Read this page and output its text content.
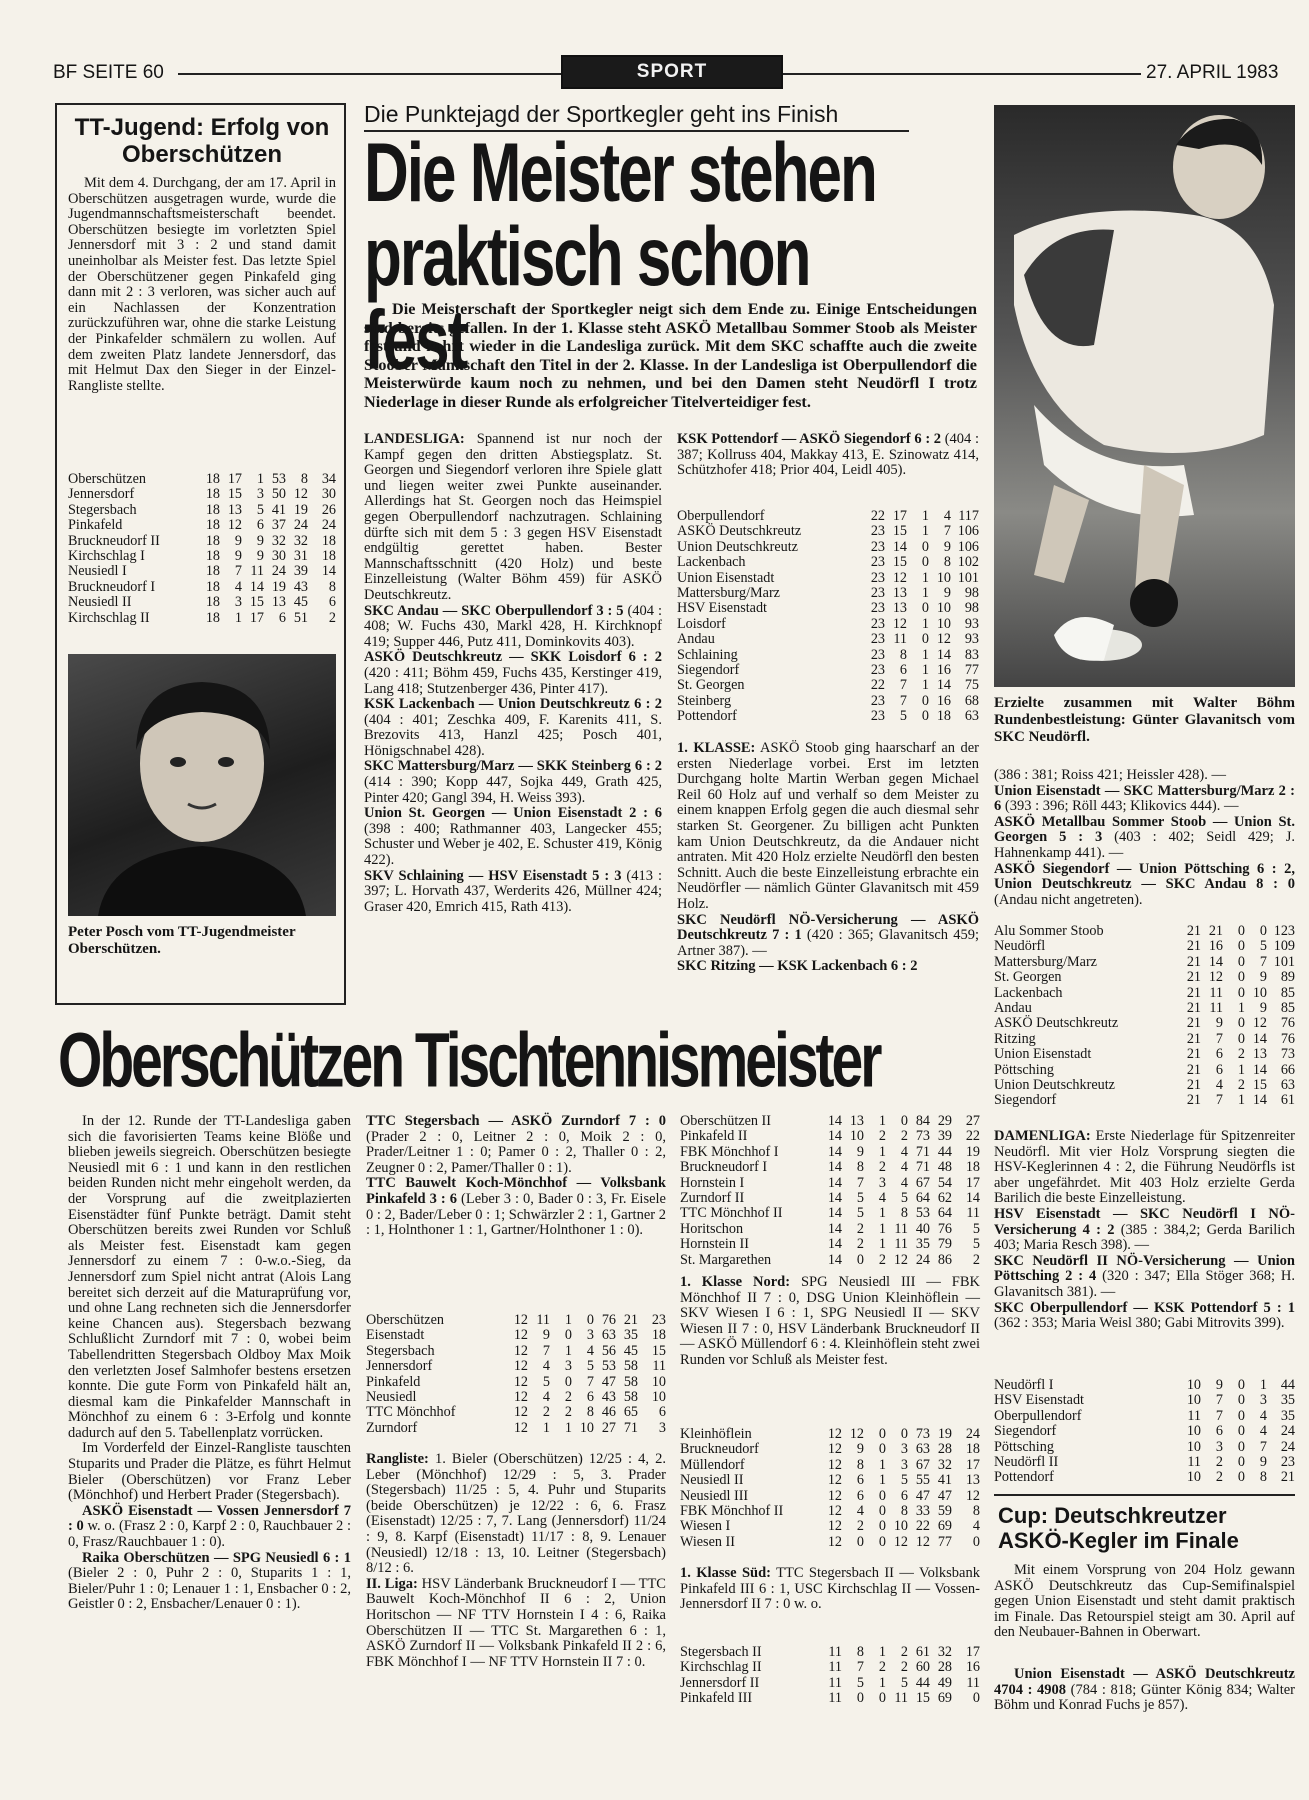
BF SEITE 60	SPORT	27. APRIL 1983
TT-Jugend: Erfolg von Oberschützen
Mit dem 4. Durchgang, der am 17. April in Oberschützen ausgetragen wurde, wurde die Jugendmannschaftsmeisterschaft beendet. Oberschützen besiegte im vorletzten Spiel Jennersdorf mit 3 : 2 und stand damit uneinholbar als Meister fest. Das letzte Spiel der Oberschützener gegen Pinkafeld ging dann mit 2 : 3 verloren, was sicher auch auf ein Nachlassen der Konzentration zurückzuführen war, ohne die starke Leistung der Pinkafelder schmälern zu wollen. Auf dem zweiten Platz landete Jennersdorf, das mit Helmut Dax den Sieger in der Einzel-Rangliste stellte.
Oberschützen	18	17	1	53	8	34
Jennersdorf	18	15	3	50	12	30
Stegersbach	18	13	5	41	19	26
Pinkafeld	18	12	6	37	24	24
Bruckneudorf II	18	9	9	32	32	18
Kirchschlag I	18	9	9	30	31	18
Neusiedl I	18	7	11	24	39	14
Bruckneudorf I	18	4	14	19	43	8
Neusiedl II	18	3	15	13	45	6
Kirchschlag II	18	1	17	6	51	2
Peter Posch vom TT-Jugendmeister Oberschützen.
Die Punktejagd der Sportkegler geht ins Finish
Die Meister stehen
praktisch schon fest
Die Meisterschaft der Sportkegler neigt sich dem Ende zu. Einige Entscheidungen sind bereits gefallen. In der 1. Klasse steht ASKÖ Metallbau Sommer Stoob als Meister fest und kehrt wieder in die Landesliga zurück. Mit dem SKC schaffte auch die zweite Stoober Mannschaft den Titel in der 2. Klasse. In der Landesliga ist Oberpullendorf die Meisterwürde kaum noch zu nehmen, und bei den Damen steht Neudörfl I trotz Niederlage in dieser Runde als erfolgreicher Titelverteidiger fest.

LANDESLIGA: Spannend ist nur noch der Kampf gegen den dritten Abstiegsplatz. St. Georgen und Siegendorf verloren ihre Spiele glatt und liegen weiter zwei Punkte auseinander. Allerdings hat St. Georgen noch das Heimspiel gegen Oberpullendorf nachzutragen. Schlaining dürfte sich mit dem 5 : 3 gegen HSV Eisenstadt endgültig gerettet haben. Bester Mannschaftsschnitt (420 Holz) und beste Einzelleistung (Walter Böhm 459) für ASKÖ Deutschkreutz.

SKC Andau — SKC Oberpullendorf 3 : 5 (404 : 408; W. Fuchs 430, Markl 428, H. Kirchknopf 419; Supper 446, Putz 411, Dominkovits 403).

ASKÖ Deutschkreutz — SKK Loisdorf 6 : 2 (420 : 411; Böhm 459, Fuchs 435, Kerstinger 419, Lang 418; Stutzenberger 436, Pinter 417).

KSK Lackenbach — Union Deutschkreutz 6 : 2 (404 : 401; Zeschka 409, F. Karenits 411, S. Brezovits 413, Hanzl 425; Posch 401, Hönigschnabel 428).

SKC Mattersburg/Marz — SKK Steinberg 6 : 2 (414 : 390; Kopp 447, Sojka 449, Grath 425, Pinter 420; Gangl 394, H. Weiss 393).

Union St. Georgen — Union Eisenstadt 2 : 6 (398 : 400; Rathmanner 403, Langecker 455; Schuster und Weber je 402, E. Schuster 419, König 422).

SKV Schlaining — HSV Eisenstadt 5 : 3 (413 : 397; L. Horvath 437, Werderits 426, Müllner 424; Graser 420, Emrich 415, Rath 413).

KSK Pottendorf — ASKÖ Siegendorf 6 : 2 (404 : 387; Kollruss 404, Makkay 413, E. Szinowatz 414, Schützhofer 418; Prior 404, Leidl 405).
Oberpullendorf	22	17	1	4	117
ASKÖ Deutschkreutz	23	15	1	7	106
Union Deutschkreutz	23	14	0	9	106
Lackenbach	23	15	0	8	102
Union Eisenstadt	23	12	1	10	101
Mattersburg/Marz	23	13	1	9	98
HSV Eisenstadt	23	13	0	10	98
Loisdorf	23	12	1	10	93
Andau	23	11	0	12	93
Schlaining	23	8	1	14	83
Siegendorf	23	6	1	16	77
St. Georgen	22	7	1	14	75
Steinberg	23	7	0	16	68
Pottendorf	23	5	0	18	63

1. KLASSE: ASKÖ Stoob ging haarscharf an der ersten Niederlage vorbei. Erst im letzten Durchgang holte Martin Werban gegen Michael Reil 60 Holz auf und verhalf so dem Meister zu einem knappen Erfolg gegen die auch diesmal sehr starken St. Georgener. Zu billigen acht Punkten kam Union Deutschkreutz, da die Andauer nicht antraten. Mit 420 Holz erzielte Neudörfl den besten Schnitt. Auch die beste Einzelleistung erbrachte ein Neudörfler — nämlich Günter Glavanitsch mit 459 Holz.

SKC Neudörfl NÖ-Versicherung — ASKÖ Deutschkreutz 7 : 1 (420 : 365; Glavanitsch 459; Artner 387). —

SKC Ritzing — KSK Lackenbach 6 : 2

Erzielte zusammen mit Walter Böhm Rundenbestleistung: Günter Glavanitsch vom SKC Neudörfl.

(386 : 381; Roiss 421; Heissler 428). —

Union Eisenstadt — SKC Mattersburg/Marz 2 : 6 (393 : 396; Röll 443; Klikovics 444). —

ASKÖ Metallbau Sommer Stoob — Union St. Georgen 5 : 3 (403 : 402; Seidl 429; J. Hahnenkamp 441). —

ASKÖ Siegendorf — Union Pöttsching 6 : 2, Union Deutschkreutz — SKC Andau 8 : 0 (Andau nicht angetreten).

Alu Sommer Stoob	21	21	0	0	123
Neudörfl	21	16	0	5	109
Mattersburg/Marz	21	14	0	7	101
St. Georgen	21	12	0	9	89
Lackenbach	21	11	0	10	85
Andau	21	11	1	9	85
ASKÖ Deutschkreutz	21	9	0	12	76
Ritzing	21	7	0	14	76
Union Eisenstadt	21	6	2	13	73
Pöttsching	21	6	1	14	66
Union Deutschkreutz	21	4	2	15	63
Siegendorf	21	7	1	14	61

DAMENLIGA: Erste Niederlage für Spitzenreiter Neudörfl. Mit vier Holz Vorsprung siegten die HSV-Keglerinnen 4 : 2, die Führung Neudörfls ist aber ungefährdet. Mit 403 Holz erzielte Gerda Barilich die beste Einzelleistung.

HSV Eisenstadt — SKC Neudörfl I NÖ-Versicherung 4 : 2 (385 : 384,2; Gerda Barilich 403; Maria Resch 398). —

SKC Neudörfl II NÖ-Versicherung — Union Pöttsching 2 : 4 (320 : 347; Ella Stöger 368; H. Glavanitsch 381). —

SKC Oberpullendorf — KSK Pottendorf 5 : 1 (362 : 353; Maria Weisl 380; Gabi Mitrovits 399).

Neudörfl I	10	9	0	1	44
HSV Eisenstadt	10	7	0	3	35
Oberpullendorf	11	7	0	4	35
Siegendorf	10	6	0	4	24
Pöttsching	10	3	0	7	24
Neudörfl II	11	2	0	9	23
Pottendorf	10	2	0	8	21
Cup: Deutschkreutzer ASKÖ-Kegler im Finale
Mit einem Vorsprung von 204 Holz gewann ASKÖ Deutschkreutz das Cup-Semifinalspiel gegen Union Eisenstadt und steht damit praktisch im Finale. Das Retourspiel steigt am 30. April auf den Neubauer-Bahnen in Oberwart.
Union Eisenstadt — ASKÖ Deutschkreutz 4704 : 4908 (784 : 818; Günter König 834; Walter Böhm und Konrad Fuchs je 857).
Oberschützen Tischtennismeister

In der 12. Runde der TT-Landesliga gaben sich die favorisierten Teams keine Blöße und blieben jeweils siegreich. Oberschützen besiegte Neusiedl mit 6 : 1 und kann in den restlichen beiden Runden nicht mehr eingeholt werden, da der Vorsprung auf die zweitplazierten Eisenstädter fünf Punkte beträgt. Damit steht Oberschützen bereits zwei Runden vor Schluß als Meister fest. Eisenstadt kam gegen Jennersdorf zu einem 7 : 0-w.o.-Sieg, da Jennersdorf zum Spiel nicht antrat (Alois Lang bereitet sich derzeit auf die Maturaprüfung vor, und ohne Lang rechneten sich die Jennersdorfer keine Chancen aus). Stegersbach bezwang Schlußlicht Zurndorf mit 7 : 0, wobei beim Tabellendritten Stegersbach Oldboy Max Moik den verletzten Josef Salmhofer bestens ersetzen konnte. Die gute Form von Pinkafeld hält an, diesmal kam die Pinkafelder Mannschaft in Mönchhof zu einem 6 : 3-Erfolg und konnte dadurch auf den 5. Tabellenplatz vorrücken.

Im Vorderfeld der Einzel-Rangliste tauschten Stuparits und Prader die Plätze, es führt Helmut Bieler (Oberschützen) vor Franz Leber (Mönchhof) und Herbert Prader (Stegersbach).

ASKÖ Eisenstadt — Vossen Jennersdorf 7 : 0 w. o. (Frasz 2 : 0, Karpf 2 : 0, Rauchbauer 2 : 0, Frasz/Rauchbauer 1 : 0).

Raika Oberschützen — SPG Neusiedl 6 : 1 (Bieler 2 : 0, Puhr 2 : 0, Stuparits 1 : 1, Bieler/Puhr 1 : 0; Lenauer 1 : 1, Ensbacher 0 : 2, Geistler 0 : 2, Ensbacher/Lenauer 0 : 1).

TTC Stegersbach — ASKÖ Zurndorf 7 : 0 (Prader 2 : 0, Leitner 2 : 0, Moik 2 : 0, Prader/Leitner 1 : 0; Pamer 0 : 2, Thaller 0 : 2, Zeugner 0 : 2, Pamer/Thaller 0 : 1).

TTC Bauwelt Koch-Mönchhof — Volksbank Pinkafeld 3 : 6 (Leber 3 : 0, Bader 0 : 3, Fr. Eisele 0 : 2, Bader/Leber 0 : 1; Schwärzler 2 : 1, Gartner 2 : 1, Holnthoner 1 : 1, Gartner/Holnthoner 1 : 0).

Oberschützen	12	11	1	0	76	21	23
Eisenstadt	12	9	0	3	63	35	18
Stegersbach	12	7	1	4	56	45	15
Jennersdorf	12	4	3	5	53	58	11
Pinkafeld	12	5	0	7	47	58	10
Neusiedl	12	4	2	6	43	58	10
TTC Mönchhof	12	2	2	8	46	65	6
Zurndorf	12	1	1	10	27	71	3

Rangliste: 1. Bieler (Oberschützen) 12/25 : 4, 2. Leber (Mönchhof) 12/29 : 5, 3. Prader (Stegersbach) 11/25 : 5, 4. Puhr und Stuparits (beide Oberschützen) je 12/22 : 6, 6. Frasz (Eisenstadt) 12/25 : 7, 7. Lang (Jennersdorf) 11/24 : 9, 8. Karpf (Eisenstadt) 11/17 : 8, 9. Lenauer (Neusiedl) 12/18 : 13, 10. Leitner (Stegersbach) 8/12 : 6.

II. Liga: HSV Länderbank Bruckneudorf I — TTC Bauwelt Koch-Mönchhof II 6 : 2, Union Horitschon — NF TTV Hornstein I 4 : 6, Raika Oberschützen II — TTC St. Margarethen 6 : 1, ASKÖ Zurndorf II — Volksbank Pinkafeld II 2 : 6, FBK Mönchhof I — NF TTV Hornstein II 7 : 0.

Oberschützen II	14	13	1	0	84	29	27
Pinkafeld II	14	10	2	2	73	39	22
FBK Mönchhof I	14	9	1	4	71	44	19
Bruckneudorf I	14	8	2	4	71	48	18
Hornstein I	14	7	3	4	67	54	17
Zurndorf II	14	5	4	5	64	62	14
TTC Mönchhof II	14	5	1	8	53	64	11
Horitschon	14	2	1	11	40	76	5
Hornstein II	14	2	1	11	35	79	5
St. Margarethen	14	0	2	12	24	86	2

1. Klasse Nord: SPG Neusiedl III — FBK Mönchhof II 7 : 0, DSG Union Kleinhöflein — SKV Wiesen I 6 : 1, SPG Neusiedl II — SKV Wiesen II 7 : 0, HSV Länderbank Bruckneudorf II — ASKÖ Müllendorf 6 : 4. Kleinhöflein steht zwei Runden vor Schluß als Meister fest.

Kleinhöflein	12	12	0	0	73	19	24
Bruckneudorf	12	9	0	3	63	28	18
Müllendorf	12	8	1	3	67	32	17
Neusiedl II	12	6	1	5	55	41	13
Neusiedl III	12	6	0	6	47	47	12
FBK Mönchhof II	12	4	0	8	33	59	8
Wiesen I	12	2	0	10	22	69	4
Wiesen II	12	0	0	12	12	77	0

1. Klasse Süd: TTC Stegersbach II — Volksbank Pinkafeld III 6 : 1, USC Kirchschlag II — Vossen-Jennersdorf II 7 : 0 w. o.

Stegersbach II	11	8	1	2	61	32	17
Kirchschlag II	11	7	2	2	60	28	16
Jennersdorf II	11	5	1	5	44	49	11
Pinkafeld III	11	0	0	11	15	69	0
